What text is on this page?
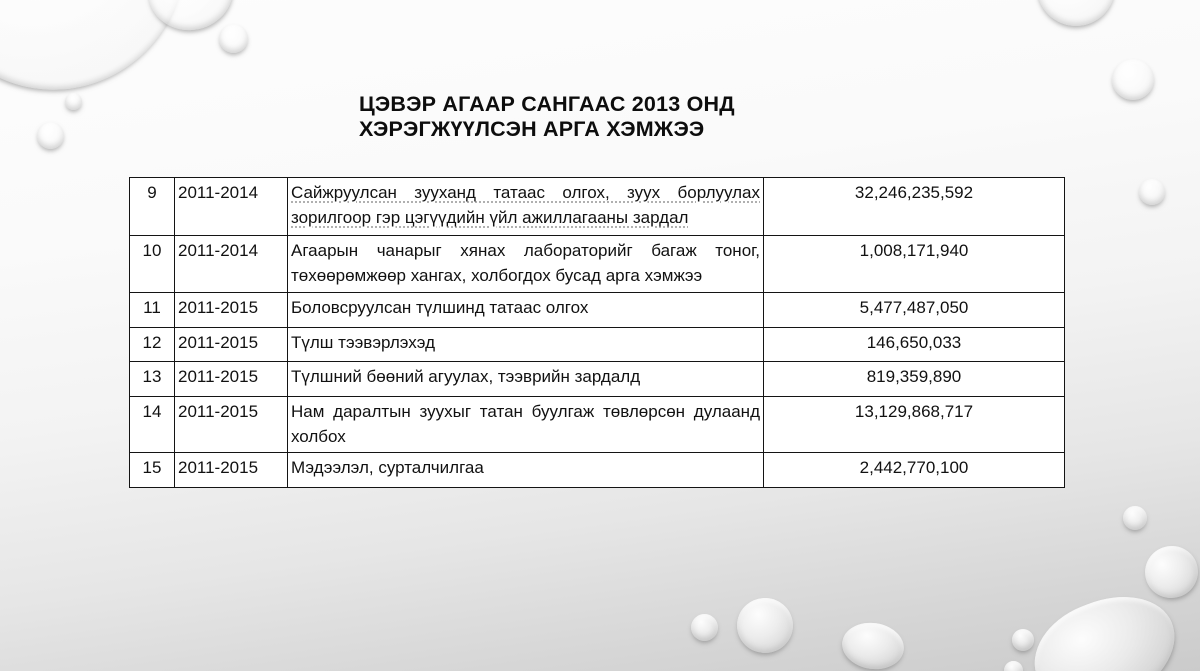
ЦЭВЭР АГААР САНГААС 2013 ОНД
ХЭРЭГЖҮҮЛСЭН АРГА ХЭМЖЭЭ
9	2011-2014	Сайжруулсан зууханд татаас олгох, зуух борлуулах зорилгоор гэр цэгүүдийн үйл ажиллагааны зардал	32,246,235,592
10	2011-2014	Агаарын чанарыг хянах лабораторийг багаж тоног, төхөөрөмжөөр хангах, холбогдох бусад арга хэмжээ	1,008,171,940
11	2011-2015	Боловсруулсан түлшинд татаас олгох	5,477,487,050
12	2011-2015	Түлш тээвэрлэхэд	146,650,033
13	2011-2015	Түлшний бөөний агуулах, тээврийн зардалд	819,359,890
14	2011-2015	Нам даралтын зуухыг татан буулгаж төвлөрсөн дулаанд холбох	13,129,868,717
15	2011-2015	Мэдээлэл, сурталчилгаа	2,442,770,100
